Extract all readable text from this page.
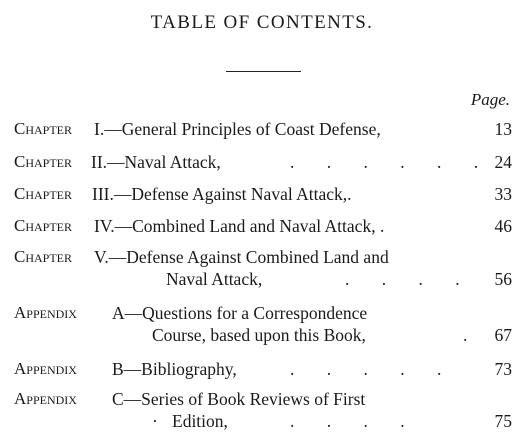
TABLE OF CONTENTS.
Page.
Chapter I.—General Principles of Coast Defense,	13
Chapter II.—Naval Attack,	. . . . . . 24
Chapter III.—Defense Against Naval Attack,.	33
Chapter IV.—Combined Land and Naval Attack, .	46
Chapter V.—Defense Against Combined Land and
Naval Attack,	. . . . 56
Appendix A—Questions for a Correspondence
Course, based upon this Book,	. 67
Appendix B—Bibliography,	. . . . . 73
Appendix C—Series of Book Reviews of First
· Edition,	. . . .	75
